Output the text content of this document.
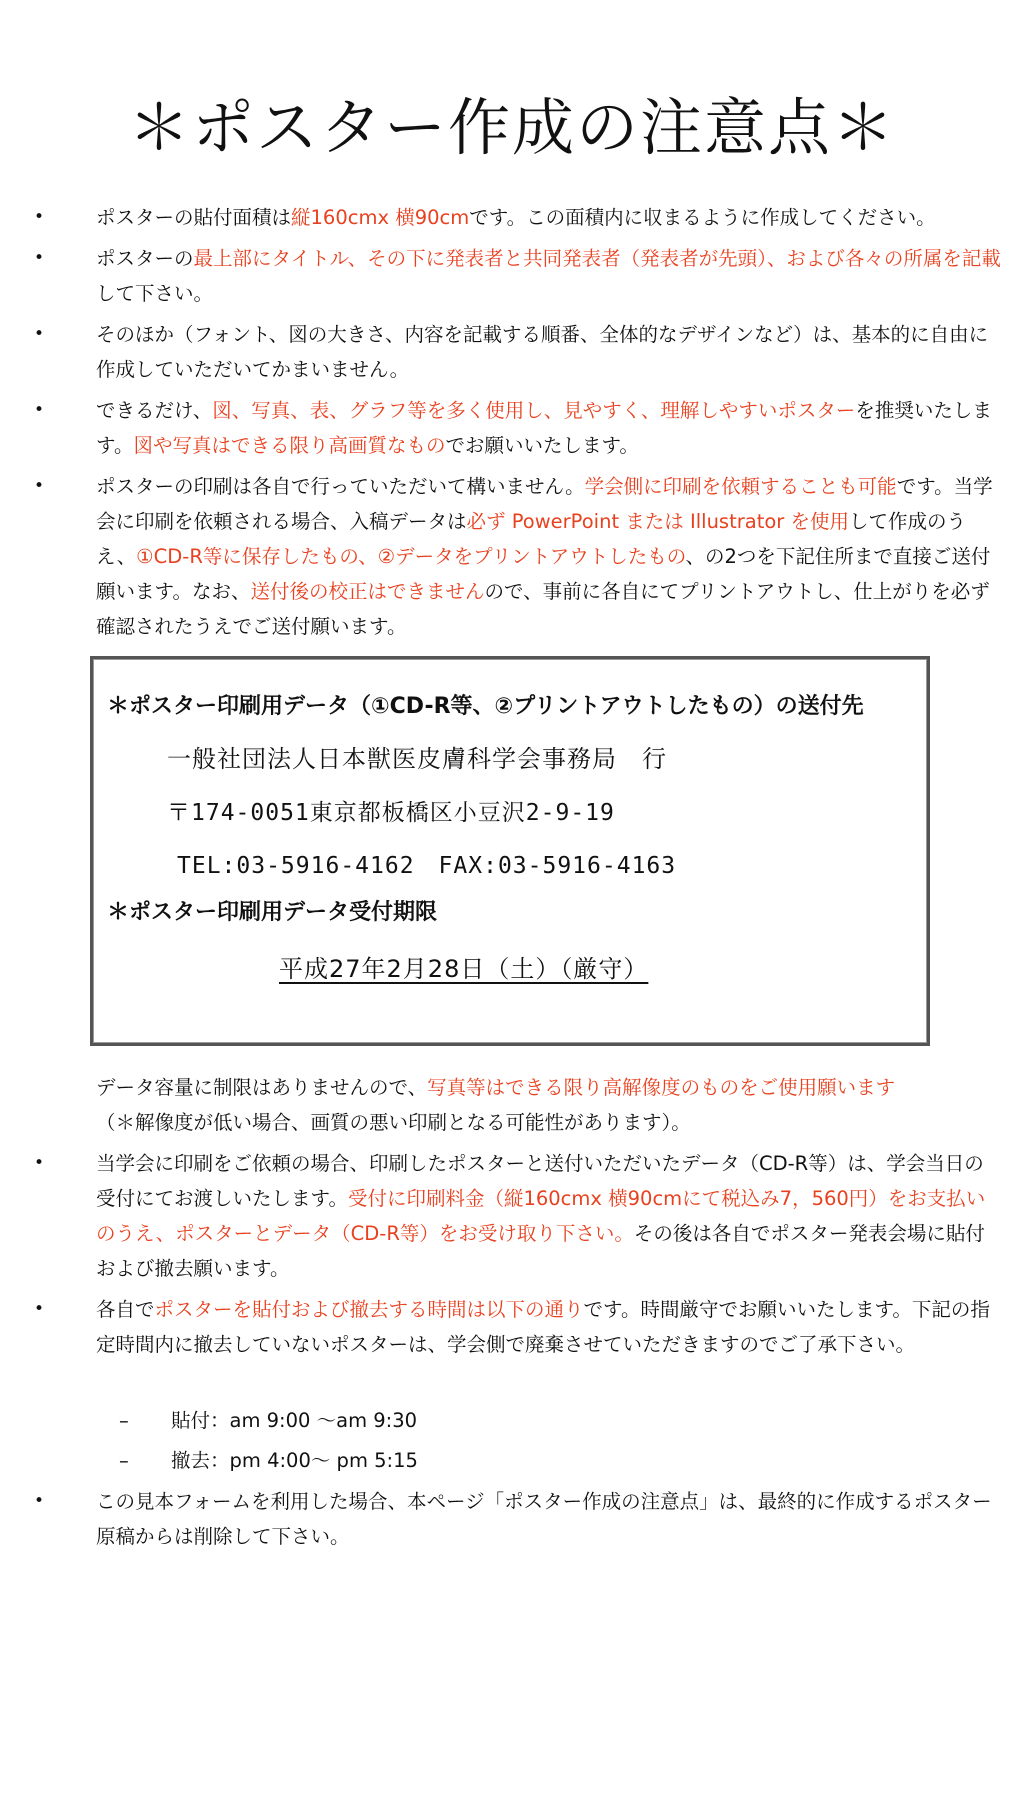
＊ポスター作成の注意点＊
•	ポスターの貼付面積は縦160cmx 横90cmです。この面積内に収まるように作成してください。
•	ポスターの最上部にタイトル、その下に発表者と共同発表者（発表者が先頭）、および各々の所属を記載して下さい。
•	そのほか（フォント、図の大きさ、内容を記載する順番、全体的なデザインなど）は、基本的に自由に作成していただいてかまいません。
•	できるだけ、図、写真、表、グラフ等を多く使用し、見やすく、理解しやすいポスターを推奨いたします。図や写真はできる限り高画質なものでお願いいたします。
•	ポスターの印刷は各自で行っていただいて構いません。学会側に印刷を依頼することも可能です。当学会に印刷を依頼される場合、入稿データは必ず PowerPoint または Illustrator を使用して作成のうえ、①CD-R等に保存したもの、②データをプリントアウトしたもの、の2つを下記住所まで直接ご送付願います。なお、送付後の校正はできませんので、事前に各自にてプリントアウトし、仕上がりを必ず確認されたうえでご送付願います。
＊ポスター印刷用データ（①CD-R等、②プリントアウトしたもの）の送付先
一般社団法人日本獣医皮膚科学会事務局　行
〒174-0051東京都板橋区小豆沢2-9-19
TEL:03-5916-4162　FAX:03-5916-4163
＊ポスター印刷用データ受付期限
平成27年2月28日（土）（厳守）
データ容量に制限はありませんので、写真等はできる限り高解像度のものをご使用願います
（＊解像度が低い場合、画質の悪い印刷となる可能性があります）。
•	当学会に印刷をご依頼の場合、印刷したポスターと送付いただいたデータ（CD-R等）は、学会当日の受付にてお渡しいたします。受付に印刷料金（縦160cmx 横90cmにて税込み7，560円）をお支払いのうえ、ポスターとデータ（CD-R等）をお受け取り下さい。その後は各自でポスター発表会場に貼付および撤去願います。
•	各自でポスターを貼付および撤去する時間は以下の通りです。時間厳守でお願いいたします。下記の指定時間内に撤去していないポスターは、学会側で廃棄させていただきますのでご了承下さい。
– 貼付：am 9:00 〜am 9:30
– 撤去：pm 4:00〜 pm 5:15
•	この見本フォームを利用した場合、本ページ「ポスター作成の注意点」は、最終的に作成するポスター原稿からは削除して下さい。
